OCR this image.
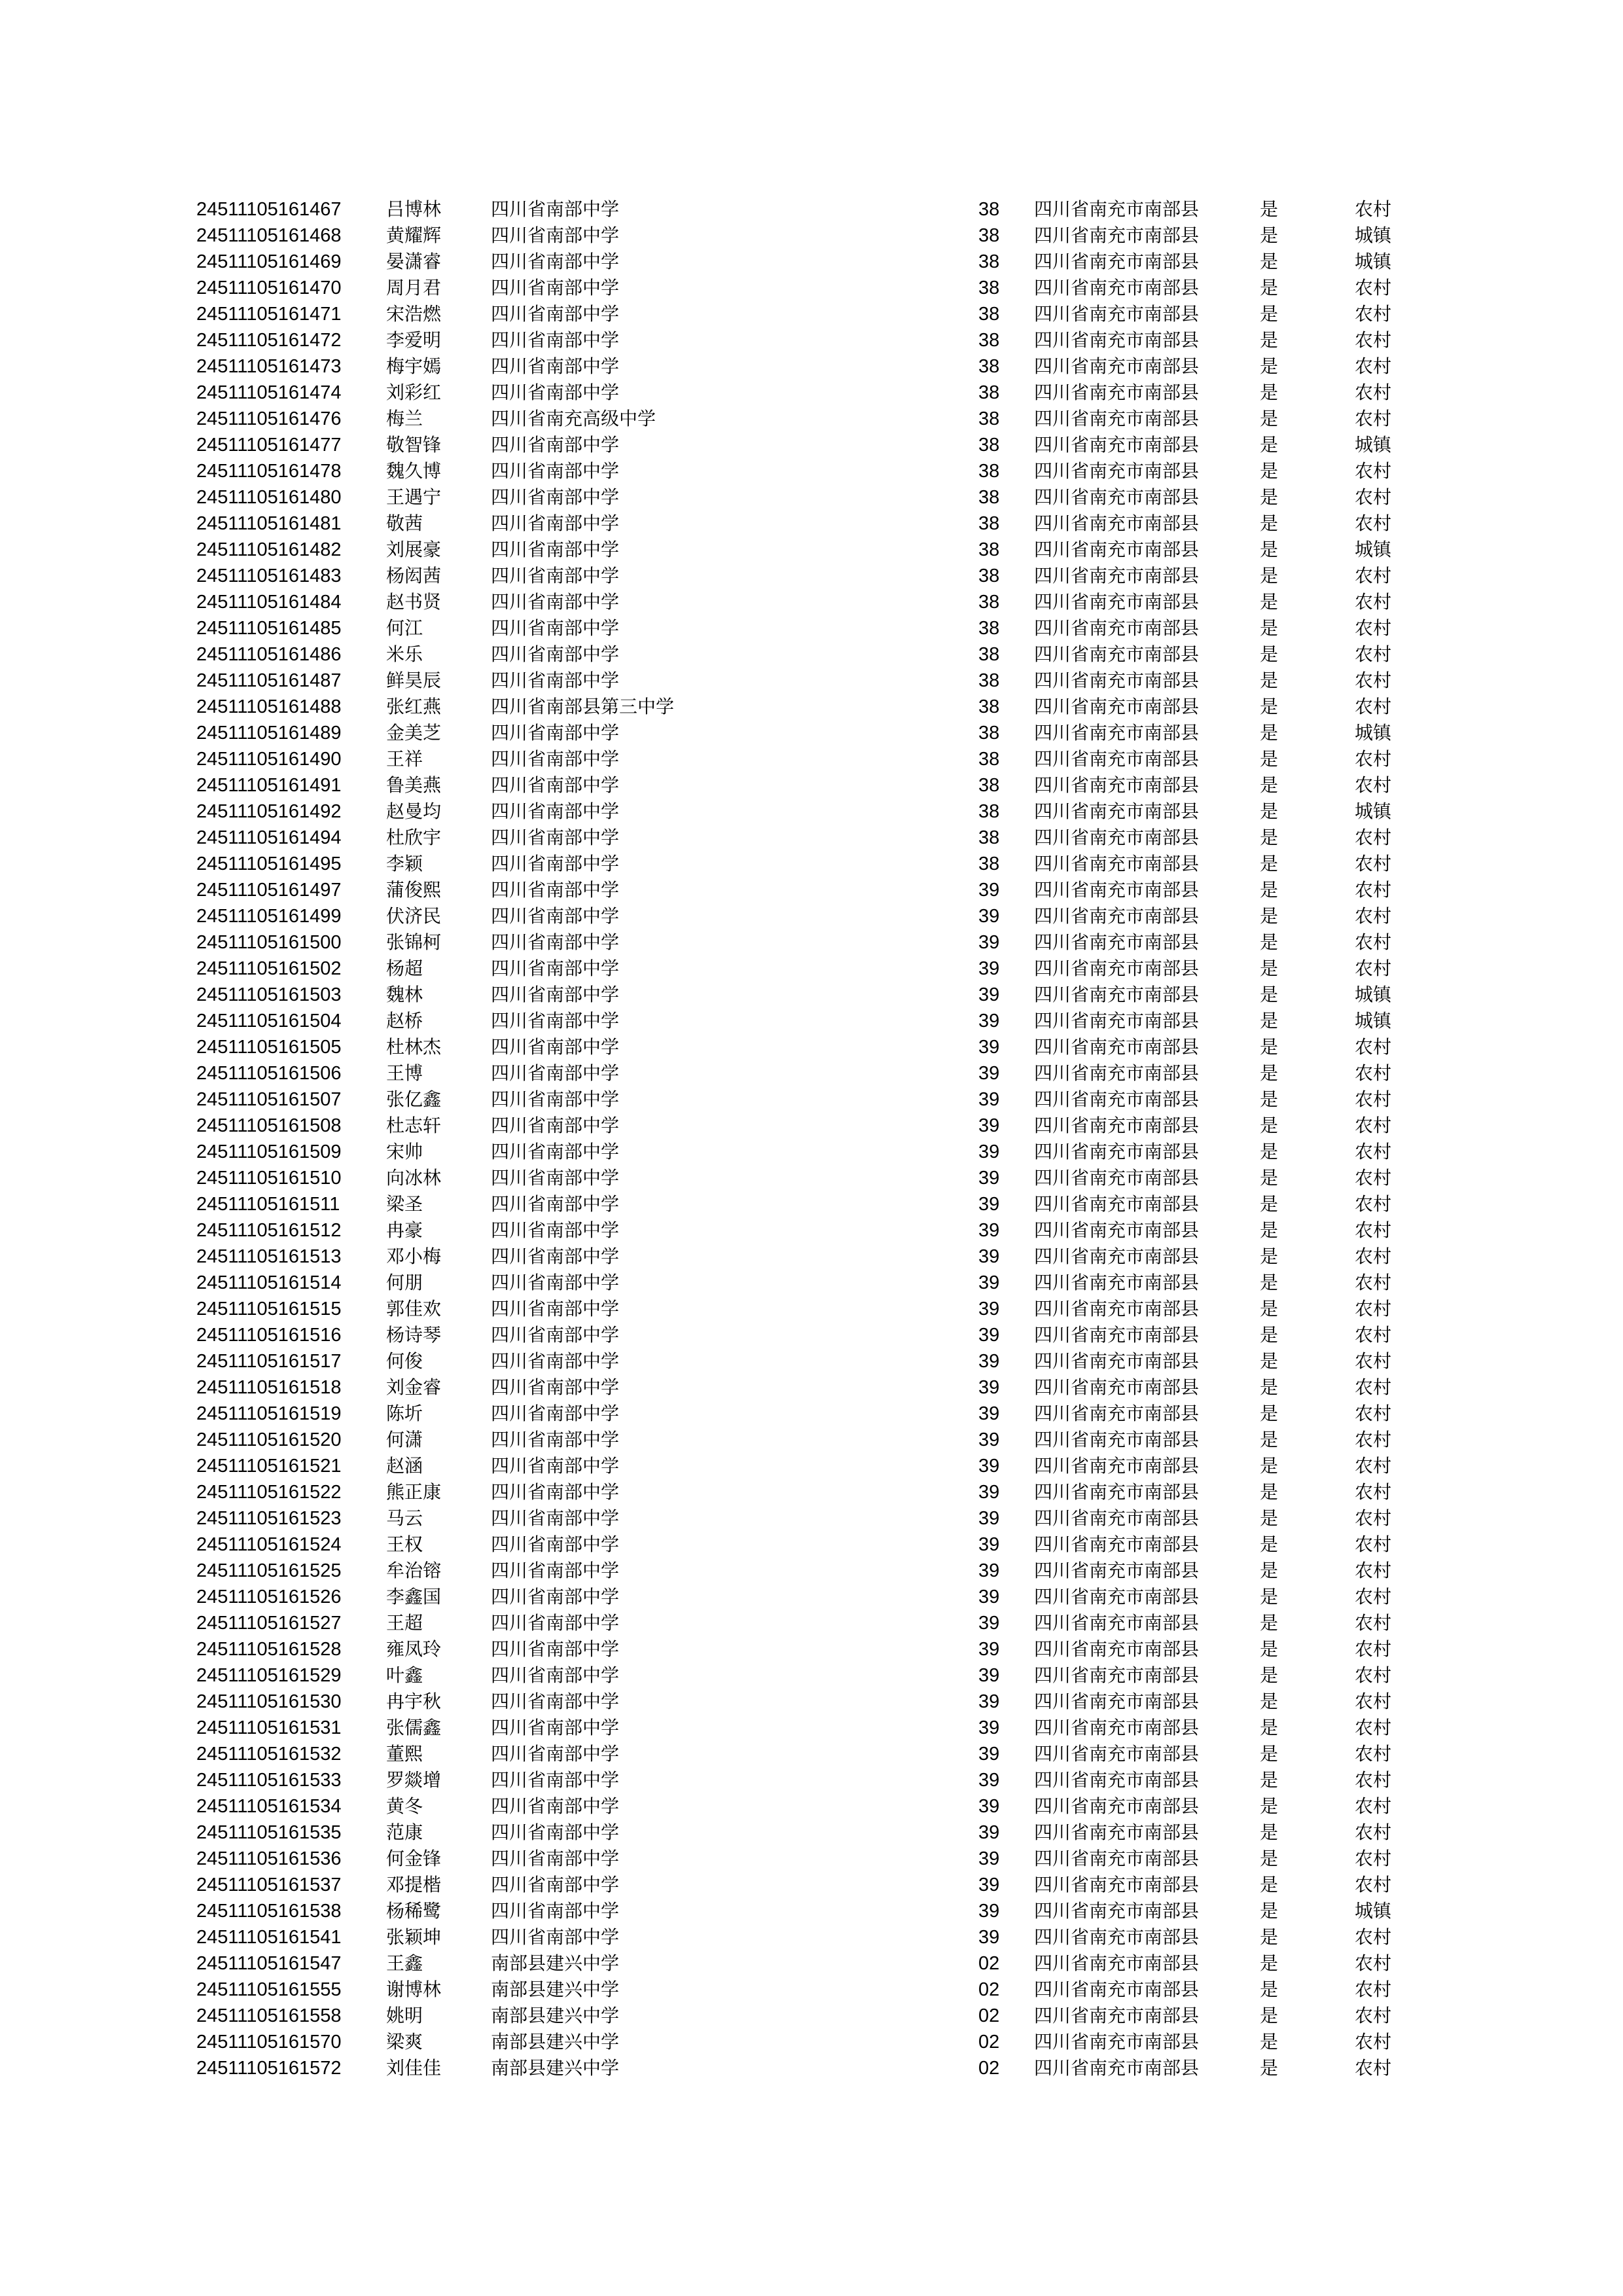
24511105161467	吕博林	四川省南部中学	38	四川省南充市南部县	是	农村
24511105161468	黄耀辉	四川省南部中学	38	四川省南充市南部县	是	城镇
24511105161469	晏潇睿	四川省南部中学	38	四川省南充市南部县	是	城镇
24511105161470	周月君	四川省南部中学	38	四川省南充市南部县	是	农村
24511105161471	宋浩燃	四川省南部中学	38	四川省南充市南部县	是	农村
24511105161472	李爱明	四川省南部中学	38	四川省南充市南部县	是	农村
24511105161473	梅宇嫣	四川省南部中学	38	四川省南充市南部县	是	农村
24511105161474	刘彩红	四川省南部中学	38	四川省南充市南部县	是	农村
24511105161476	梅兰	四川省南充高级中学	38	四川省南充市南部县	是	农村
24511105161477	敬智锋	四川省南部中学	38	四川省南充市南部县	是	城镇
24511105161478	魏久博	四川省南部中学	38	四川省南充市南部县	是	农村
24511105161480	王遇宁	四川省南部中学	38	四川省南充市南部县	是	农村
24511105161481	敬茜	四川省南部中学	38	四川省南充市南部县	是	农村
24511105161482	刘展豪	四川省南部中学	38	四川省南充市南部县	是	城镇
24511105161483	杨闳茜	四川省南部中学	38	四川省南充市南部县	是	农村
24511105161484	赵书贤	四川省南部中学	38	四川省南充市南部县	是	农村
24511105161485	何江	四川省南部中学	38	四川省南充市南部县	是	农村
24511105161486	米乐	四川省南部中学	38	四川省南充市南部县	是	农村
24511105161487	鲜昊辰	四川省南部中学	38	四川省南充市南部县	是	农村
24511105161488	张红燕	四川省南部县第三中学	38	四川省南充市南部县	是	农村
24511105161489	金美芝	四川省南部中学	38	四川省南充市南部县	是	城镇
24511105161490	王祥	四川省南部中学	38	四川省南充市南部县	是	农村
24511105161491	鲁美燕	四川省南部中学	38	四川省南充市南部县	是	农村
24511105161492	赵曼均	四川省南部中学	38	四川省南充市南部县	是	城镇
24511105161494	杜欣宇	四川省南部中学	38	四川省南充市南部县	是	农村
24511105161495	李颖	四川省南部中学	38	四川省南充市南部县	是	农村
24511105161497	蒲俊熙	四川省南部中学	39	四川省南充市南部县	是	农村
24511105161499	伏济民	四川省南部中学	39	四川省南充市南部县	是	农村
24511105161500	张锦柯	四川省南部中学	39	四川省南充市南部县	是	农村
24511105161502	杨超	四川省南部中学	39	四川省南充市南部县	是	农村
24511105161503	魏林	四川省南部中学	39	四川省南充市南部县	是	城镇
24511105161504	赵桥	四川省南部中学	39	四川省南充市南部县	是	城镇
24511105161505	杜林杰	四川省南部中学	39	四川省南充市南部县	是	农村
24511105161506	王博	四川省南部中学	39	四川省南充市南部县	是	农村
24511105161507	张亿鑫	四川省南部中学	39	四川省南充市南部县	是	农村
24511105161508	杜志轩	四川省南部中学	39	四川省南充市南部县	是	农村
24511105161509	宋帅	四川省南部中学	39	四川省南充市南部县	是	农村
24511105161510	向冰林	四川省南部中学	39	四川省南充市南部县	是	农村
24511105161511	梁圣	四川省南部中学	39	四川省南充市南部县	是	农村
24511105161512	冉豪	四川省南部中学	39	四川省南充市南部县	是	农村
24511105161513	邓小梅	四川省南部中学	39	四川省南充市南部县	是	农村
24511105161514	何朋	四川省南部中学	39	四川省南充市南部县	是	农村
24511105161515	郭佳欢	四川省南部中学	39	四川省南充市南部县	是	农村
24511105161516	杨诗琴	四川省南部中学	39	四川省南充市南部县	是	农村
24511105161517	何俊	四川省南部中学	39	四川省南充市南部县	是	农村
24511105161518	刘金睿	四川省南部中学	39	四川省南充市南部县	是	农村
24511105161519	陈圻	四川省南部中学	39	四川省南充市南部县	是	农村
24511105161520	何潇	四川省南部中学	39	四川省南充市南部县	是	农村
24511105161521	赵涵	四川省南部中学	39	四川省南充市南部县	是	农村
24511105161522	熊正康	四川省南部中学	39	四川省南充市南部县	是	农村
24511105161523	马云	四川省南部中学	39	四川省南充市南部县	是	农村
24511105161524	王权	四川省南部中学	39	四川省南充市南部县	是	农村
24511105161525	牟治镕	四川省南部中学	39	四川省南充市南部县	是	农村
24511105161526	李鑫国	四川省南部中学	39	四川省南充市南部县	是	农村
24511105161527	王超	四川省南部中学	39	四川省南充市南部县	是	农村
24511105161528	雍凤玲	四川省南部中学	39	四川省南充市南部县	是	农村
24511105161529	叶鑫	四川省南部中学	39	四川省南充市南部县	是	农村
24511105161530	冉宇秋	四川省南部中学	39	四川省南充市南部县	是	农村
24511105161531	张儒鑫	四川省南部中学	39	四川省南充市南部县	是	农村
24511105161532	董熙	四川省南部中学	39	四川省南充市南部县	是	农村
24511105161533	罗燚增	四川省南部中学	39	四川省南充市南部县	是	农村
24511105161534	黄冬	四川省南部中学	39	四川省南充市南部县	是	农村
24511105161535	范康	四川省南部中学	39	四川省南充市南部县	是	农村
24511105161536	何金锋	四川省南部中学	39	四川省南充市南部县	是	农村
24511105161537	邓提楷	四川省南部中学	39	四川省南充市南部县	是	农村
24511105161538	杨稀鹭	四川省南部中学	39	四川省南充市南部县	是	城镇
24511105161541	张颖坤	四川省南部中学	39	四川省南充市南部县	是	农村
24511105161547	王鑫	南部县建兴中学	02	四川省南充市南部县	是	农村
24511105161555	谢博林	南部县建兴中学	02	四川省南充市南部县	是	农村
24511105161558	姚明	南部县建兴中学	02	四川省南充市南部县	是	农村
24511105161570	梁爽	南部县建兴中学	02	四川省南充市南部县	是	农村
24511105161572	刘佳佳	南部县建兴中学	02	四川省南充市南部县	是	农村
